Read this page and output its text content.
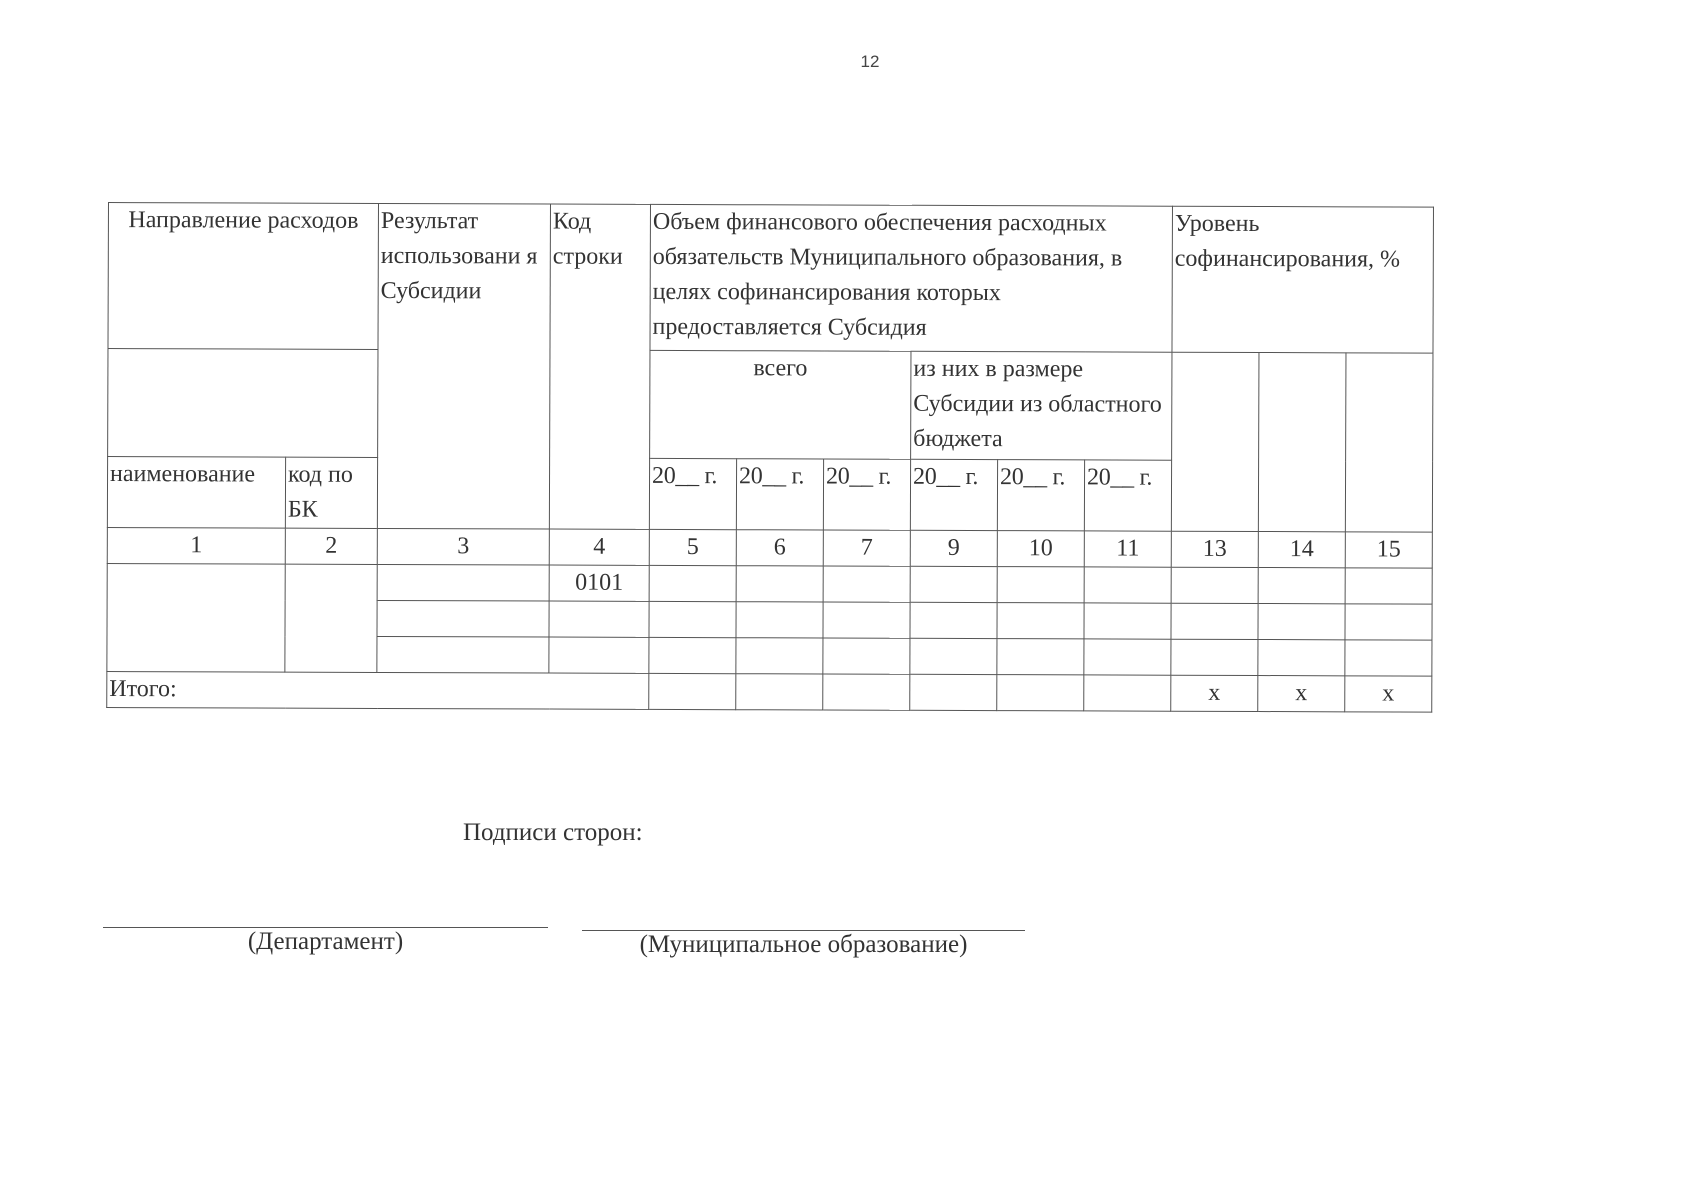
12
Направление расходов		Результат использовани я Субсидии	Код строки	Объем финансового обеспечения расходных обязательств Муниципального образования, в целях софинансирования которых предоставляется Субсидия						Уровень софинансирования, %		
				всего			из них в размере Субсидии из областного бюджета					
наименование	код по БК			20__ г.	20__ г.	20__ г.	20__ г.	20__ г.	20__ г.			
1	2	3	4	5	6	7	9	10	11	13	14	15
			0101									

Итого:										х	х	х
Подписи сторон:
(Департамент)	(Муниципальное образование)
